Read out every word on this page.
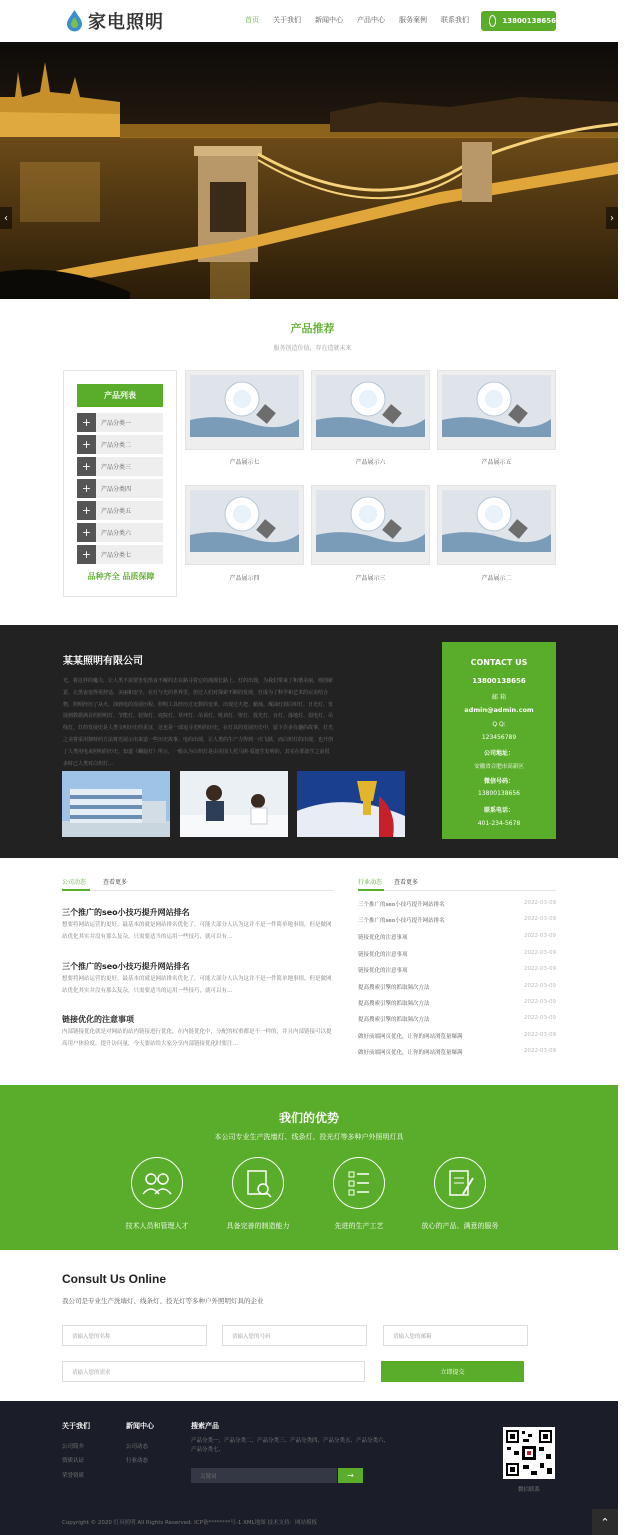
家电照明	首页 关于我们 新闻中心 产品中心 服务案例 联系我们	13800138656
‹	›
产品推荐
服务创造价值，存在造就未来
产品列表
+	产品分类一
+	产品分类二
+	产品分类三
+	产品分类四
+	产品分类五
+	产品分类六
+	产品分类七
品种齐全 品质保障
产品展示七	产品展示六	产品展示五
产品展示四	产品展示三	产品展示二
某某照明有限公司
光，将这样的魔力，让人类不需要害怕黑夜不解的去在路寻着它的漫漫长路上。灯的出现，为我们带来了和谐美丽，则创新意，让黑夜变得更舒适、美丽和安全，在灯与光的世界里，但过人们对探索不断的发现，灯成为了科学和艺术的完美结合物，照明经历了从火、油到电的发展历程。照明工具经历过无数的变革，出现过火把、蜡烛、煤油灯到白炽灯、日光灯，发展到数据满目的照明灯。节能灯、装饰灯、庭院灯、草坪灯、吊顶灯、吸顶灯、壁灯、投光灯、台灯、落地灯、弱电灯、吊线灯，灯的发展史是人类文明历史的见证，这也是一部追寻光明的历史，在灯具的发展历史中，留下许多有趣的故事，灯光之美将采用独特的方法将光展示出来造一些历史故事。电的出现，让人类的生产力得到一次飞跃，而白炽灯的出现，也开创了人类用电来照明的历史。知道《螺旋灯》所示，一般认为白炽灯是由美国人托马斯·爱迪生发明的，其实在那波生之前很多时已人类对白炽灯…
CONTACT US
13800138656
邮 箱
admin@admin.com
Q Q:
123456789
公司地址：
安徽省合肥市高新区
微信号码：
13800138656
联系电话：
401-234-5678
公司动态	查看更多
三个推广的seo小技巧提升网站排名
想要将网站运营的更好，最基本的就是网站排名优化了，可能大部分人认为这并不是一件简单地事情，但是做网站优化其实并没有那么复杂，只需要适当的运用一些技巧，就可以有…
三个推广的seo小技巧提升网站排名
想要将网站运营的更好，最基本的就是网站排名优化了，可能大部分人认为这并不是一件简单地事情，但是做网站优化其实并没有那么复杂，只需要适当的运用一些技巧，就可以有…
链接优化的注意事项
内部链接优化就是对网站的站内链接进行优化，在内链优化中，分配的权重都是不一样的，并且内部链接可以提高用户体验度，提升访问量，今天要站给大家分享内部链接优化时要注…
行业动态 查看更多
三个推广的seo小技巧提升网站排名	2022-03-09
三个推广的seo小技巧提升网站排名	2022-03-09
链接优化的注意事项	2022-03-09
链接优化的注意事项	2022-03-09
链接优化的注意事项	2022-03-09
提高搜索引擎的抓取频次方法	2022-03-09
提高搜索引擎的抓取频次方法	2022-03-09
提高搜索引擎的抓取频次方法	2022-03-09
做好前端网页优化，让你的网站浏览量爆满	2022-03-09
做好前端网页优化，让你的网站浏览量爆满	2022-03-09
我们的优势
本公司专业生产洗墙灯、线条灯、投光灯等多种户外照明灯具
技术人员和管理人才	具备完善的制造能力	先进的生产工艺	放心的产品、满意的服务
Consult Us Online
我公司是专业生产洗墙灯、线条灯、投光灯等多种户外照明灯具的企业
请输入您的名称	请输入您的号码	请输入您的邮箱
请输入您的需求	立即提交
关于我们
公司简介
资质认证
荣誉资质
新闻中心
公司动态
行业动态
搜索产品
产品分类一、产品分类二、产品分类三、产品分类四、产品分类五、产品分类六、产品分类七、
关键词	→
微信联系
Copyright © 2020 灯具照明 All Rights Reserved. ICP备********号-1 XML地图 技术支持：网站模板	⌃
